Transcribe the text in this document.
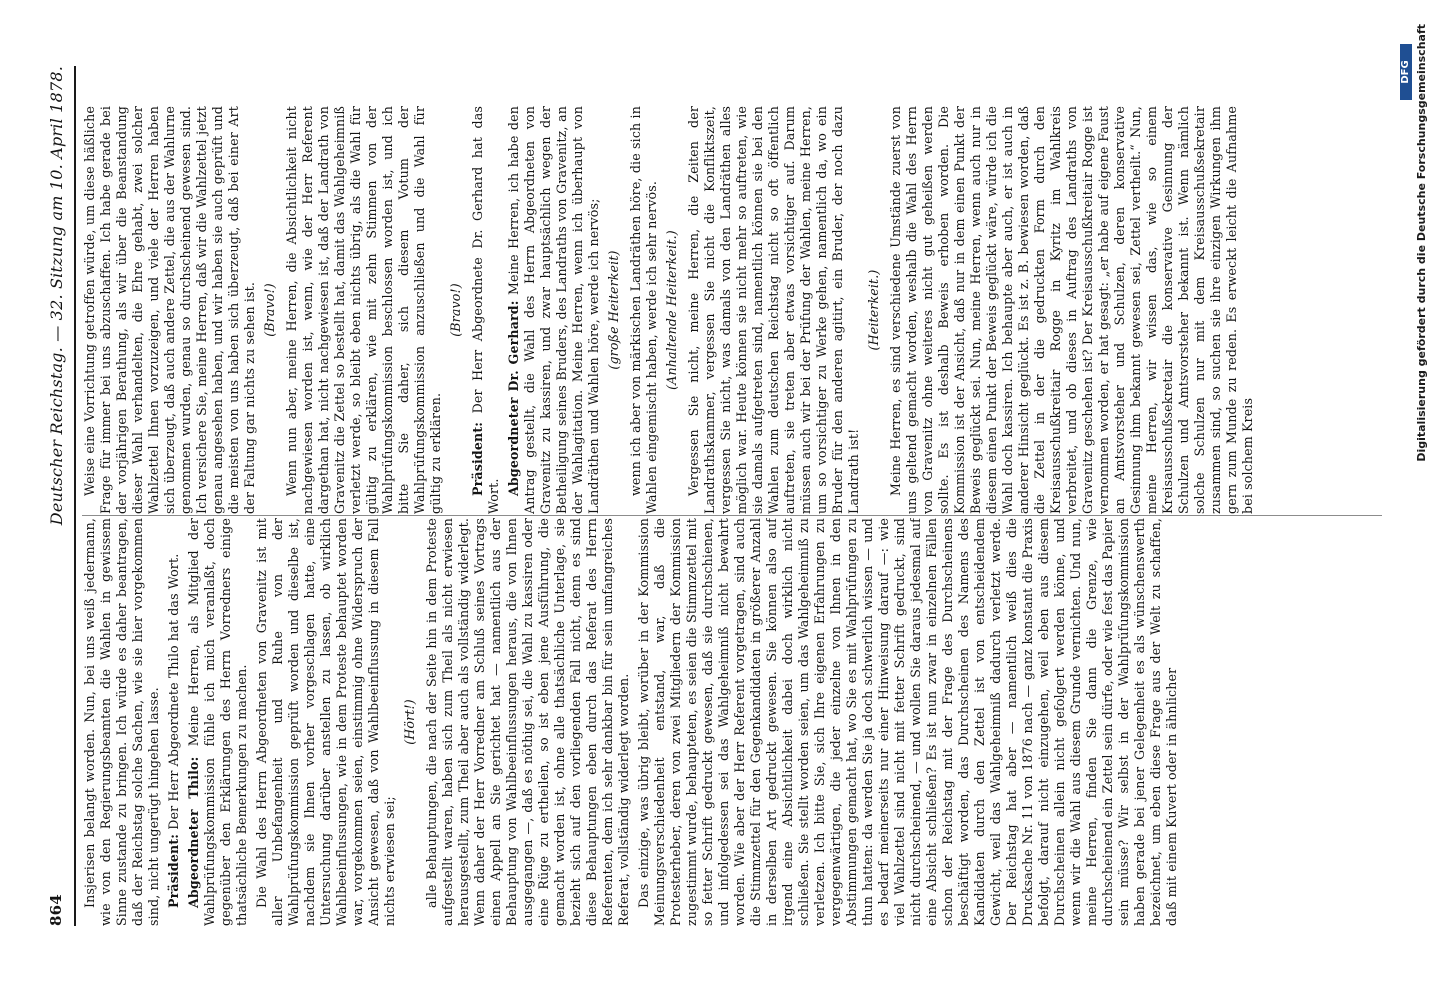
864
Deutscher Reichstag. — 32. Sitzung am 10. April 1878.

Insjerisen belangt worden. Nun, bei uns weiß jedermann, wie von den Regierungsbeamten die Wahlen in gewissem Sinne zustande zu bringen. Ich würde es daher beantragen, daß der Reichstag solche Sachen, wie sie hier vorgekommen sind, nicht ungerügt hingehen lasse. Präsident: Der Herr Abgeordnete Thilo hat das Wort.

Abgeordneter Thilo: Meine Herren, als Mitglied der Wahlprüfungskommission fühle ich mich veranlaßt, doch gegenüber den Erklärungen des Herrn Vorredners einige thatsächliche Bemerkungen zu machen. Die Wahl des Herrn Abgeordneten von Gravenitz ist mit aller Unbefangenheit und Ruhe von der Wahlprüfungskommission geprüft worden und dieselbe ist, nachdem sie Ihnen vorher vorgeschlagen hatte, eine Untersuchung darüber anstellen zu lassen, ob wirklich Wahlbeeinflussungen, wie in dem Proteste behauptet worden war, vorgekommen seien, einstimmig ohne Widerspruch der Ansicht gewesen, daß von Wahlbeeinflussung in diesem Fall nichts erwiesen sei;

(Hört!) alle Behauptungen, die nach der Seite hin in dem Proteste aufgestellt waren, haben sich zum Theil als nicht erwiesen herausgestellt, zum Theil aber auch als vollständig widerlegt. Wenn daher der Herr Vorredner am Schluß seines Vortrags einen Appell an Sie gerichtet hat — namentlich aus der Behauptung von Wahlbeeinflussungen heraus, die von Ihnen ausgegangen —, daß es nöthig sei, die Wahl zu kassiren oder eine Rüge zu ertheilen, so ist eben jene Ausführung, die gemacht worden ist, ohne alle thatsächliche Unterlage, sie bezieht sich auf den vorliegenden Fall nicht, denn es sind diese Behauptungen eben durch das Referat des Herrn Referenten, dem ich sehr dankbar bin für sein umfangreiches Referat, vollständig widerlegt worden. Das einzige, was übrig bleibt, worüber in der Kommission Meinungsverschiedenheit entstand, war, daß die Protesterheber, deren von zwei Mitgliedern der Kommission zugestimmt wurde, behaupteten, es seien die Stimmzettel mit so fetter Schrift gedruckt gewesen, daß sie durchschienen, und infolgedessen sei das Wahlgeheimniß nicht bewahrt worden. Wie aber der Herr Referent vorgetragen, sind auch die Stimmzettel für den Gegenkandidaten in größerer Anzahl in derselben Art gedruckt gewesen. Sie können also auf irgend eine Absichtlichkeit dabei doch wirklich nicht schließen. Sie stellt worden seien, um das Wahlgeheimniß zu verletzen. Ich bitte Sie, sich Ihre eigenen Erfahrungen zu vergegenwärtigen, die jeder einzelne von Ihnen in den Abstimmungen gemacht hat, wo Sie es mit Wahlprüfungen zu thun hatten: da werden Sie ja doch schwerlich wissen — und es bedarf meinerseits nur einer Hinweisung darauf —: wie viel Wahlzettel sind nicht mit fetter Schrift gedruckt, sind nicht durchscheinend, — und wollen Sie daraus jedesmal auf eine Absicht schließen? Es ist nun zwar in einzelnen Fällen schon der Reichstag mit der Frage des Durchscheinens beschäftigt worden, das Durchscheinen des Namens des Kandidaten durch den Zettel ist von entscheidendem Gewicht, weil das Wahlgeheimniß dadurch verletzt werde. Der Reichstag hat aber — namentlich weiß dies die Drucksache Nr. 11 von 1876 nach — ganz konstant die Praxis befolgt, darauf nicht einzugehen, weil eben aus diesem Durchscheinen allein nicht gefolgert werden könne, und wenn wir die Wahl aus diesem Grunde vernichten. Und nun, meine Herren, finden Sie dann die Grenze, wie durchscheinend ein Zettel sein dürfe, oder wie fest das Papier sein müsse? Wir selbst in der Wahlprüfungskommission haben gerade bei jener Gelegenheit es als wünschenswerth bezeichnet, um eben diese Frage aus der Welt zu schaffen, daß mit einem Kuvert oder in ähnlicher

Weise eine Vorrichtung getroffen würde, um diese häßliche Frage für immer bei uns abzuschaffen. Ich habe gerade bei der vorjährigen Berathung, als wir über die Beanstandung dieser Wahl verhandelten, die Ehre gehabt, zwei solcher Wahlzettel Ihnen vorzuzeigen, und viele der Herren haben sich überzeugt, daß auch andere Zettel, die aus der Wahlurne genommen wurden, genau so durchscheinend gewesen sind. Ich versichere Sie, meine Herren, daß wir die Wahlzettel jetzt genau angesehen haben, und wir haben sie auch geprüft und die meisten von uns haben sich überzeugt, daß bei einer Art der Faltung gar nichts zu sehen ist. (Bravo!) Wenn nun aber, meine Herren, die Absichtlichkeit nicht nachgewiesen worden ist, wenn, wie der Herr Referent dargethan hat, nicht nachgewiesen ist, daß der Landrath von Gravenitz die Zettel so bestellt hat, damit das Wahlgeheimniß verletzt werde, so bleibt eben nichts übrig, als die Wahl für gültig zu erklären, wie mit zehn Stimmen von der Wahlprüfungskommission beschlossen worden ist, und ich bitte Sie daher, sich diesem Votum der Wahlprüfungskommission anzuschließen und die Wahl für gültig zu erklären.

(Bravo!)

Präsident: Der Herr Abgeordnete Dr. Gerhard hat das Wort.

Abgeordneter Dr. Gerhard: Meine Herren, ich habe den Antrag gestellt, die Wahl des Herrn Abgeordneten von Gravenitz zu kassiren, und zwar hauptsächlich wegen der Betheiligung seines Bruders, des Landraths von Gravenitz, an der Wahlagitation. Meine Herren, wenn ich überhaupt von Landräthen und Wahlen höre, werde ich nervös; (große Heiterkeit) wenn ich aber von märkischen Landräthen höre, die sich in Wahlen eingemischt haben, werde ich sehr nervös. (Anhaltende Heiterkeit.) Vergessen Sie nicht, meine Herren, die Zeiten der Landrathskammer, vergessen Sie nicht die Konfliktszeit, vergessen Sie nicht, was damals von den Landräthen alles möglich war. Heute können sie nicht mehr so auftreten, wie sie damals aufgetreten sind, namentlich können sie bei den Wahlen zum deutschen Reichstag nicht so oft öffentlich auftreten, sie treten aber etwas vorsichtiger auf. Darum müssen auch wir bei der Prüfung der Wahlen, meine Herren, um so vorsichtiger zu Werke gehen, namentlich da, wo ein Bruder für den anderen agitirt, ein Bruder, der noch dazu Landrath ist!

(Heiterkeit.) Meine Herren, es sind verschiedene Umstände zuerst von uns geltend gemacht worden, weshalb die Wahl des Herrn von Gravenitz ohne weiteres nicht gut geheißen werden sollte. Es ist deshalb Beweis erhoben worden. Die Kommission ist der Ansicht, daß nur in dem einen Punkt der Beweis geglückt sei. Nun, meine Herren, wenn auch nur in diesem einen Punkt der Beweis geglückt wäre, würde ich die Wahl doch kassiren. Ich behaupte aber auch, er ist auch in anderer Hinsicht geglückt. Es ist z. B. bewiesen worden, daß die Zettel in der die gedruckten Form durch den Kreisausschußkreitair Rogge in Kyritz im Wahlkreis verbreitet, und ob dieses in Auftrag des Landraths von Gravenitz geschehen ist? Der Kreisausschußkreitair Rogge ist vernommen worden, er hat gesagt: „er habe auf eigene Faust an Amtsvorsteher und Schulzen, deren konservative Gesinnung ihm bekannt gewesen sei, Zettel vertheilt.“ Nun, meine Herren, wir wissen das, wie so einem Kreisausschußsekretair die konservative Gesinnung der Schulzen und Amtsvorsteher bekannt ist. Wenn nämlich solche Schulzen nur mit dem Kreisausschußsekretair zusammen sind, so suchen sie ihre einzigen Wirkungen ihm gern zum Munde zu reden. Es erweckt leicht die Aufnahme bei solchem Kreis

DFG Digitalisierung gefördert durch die Deutsche Forschungsgemeinschaft
